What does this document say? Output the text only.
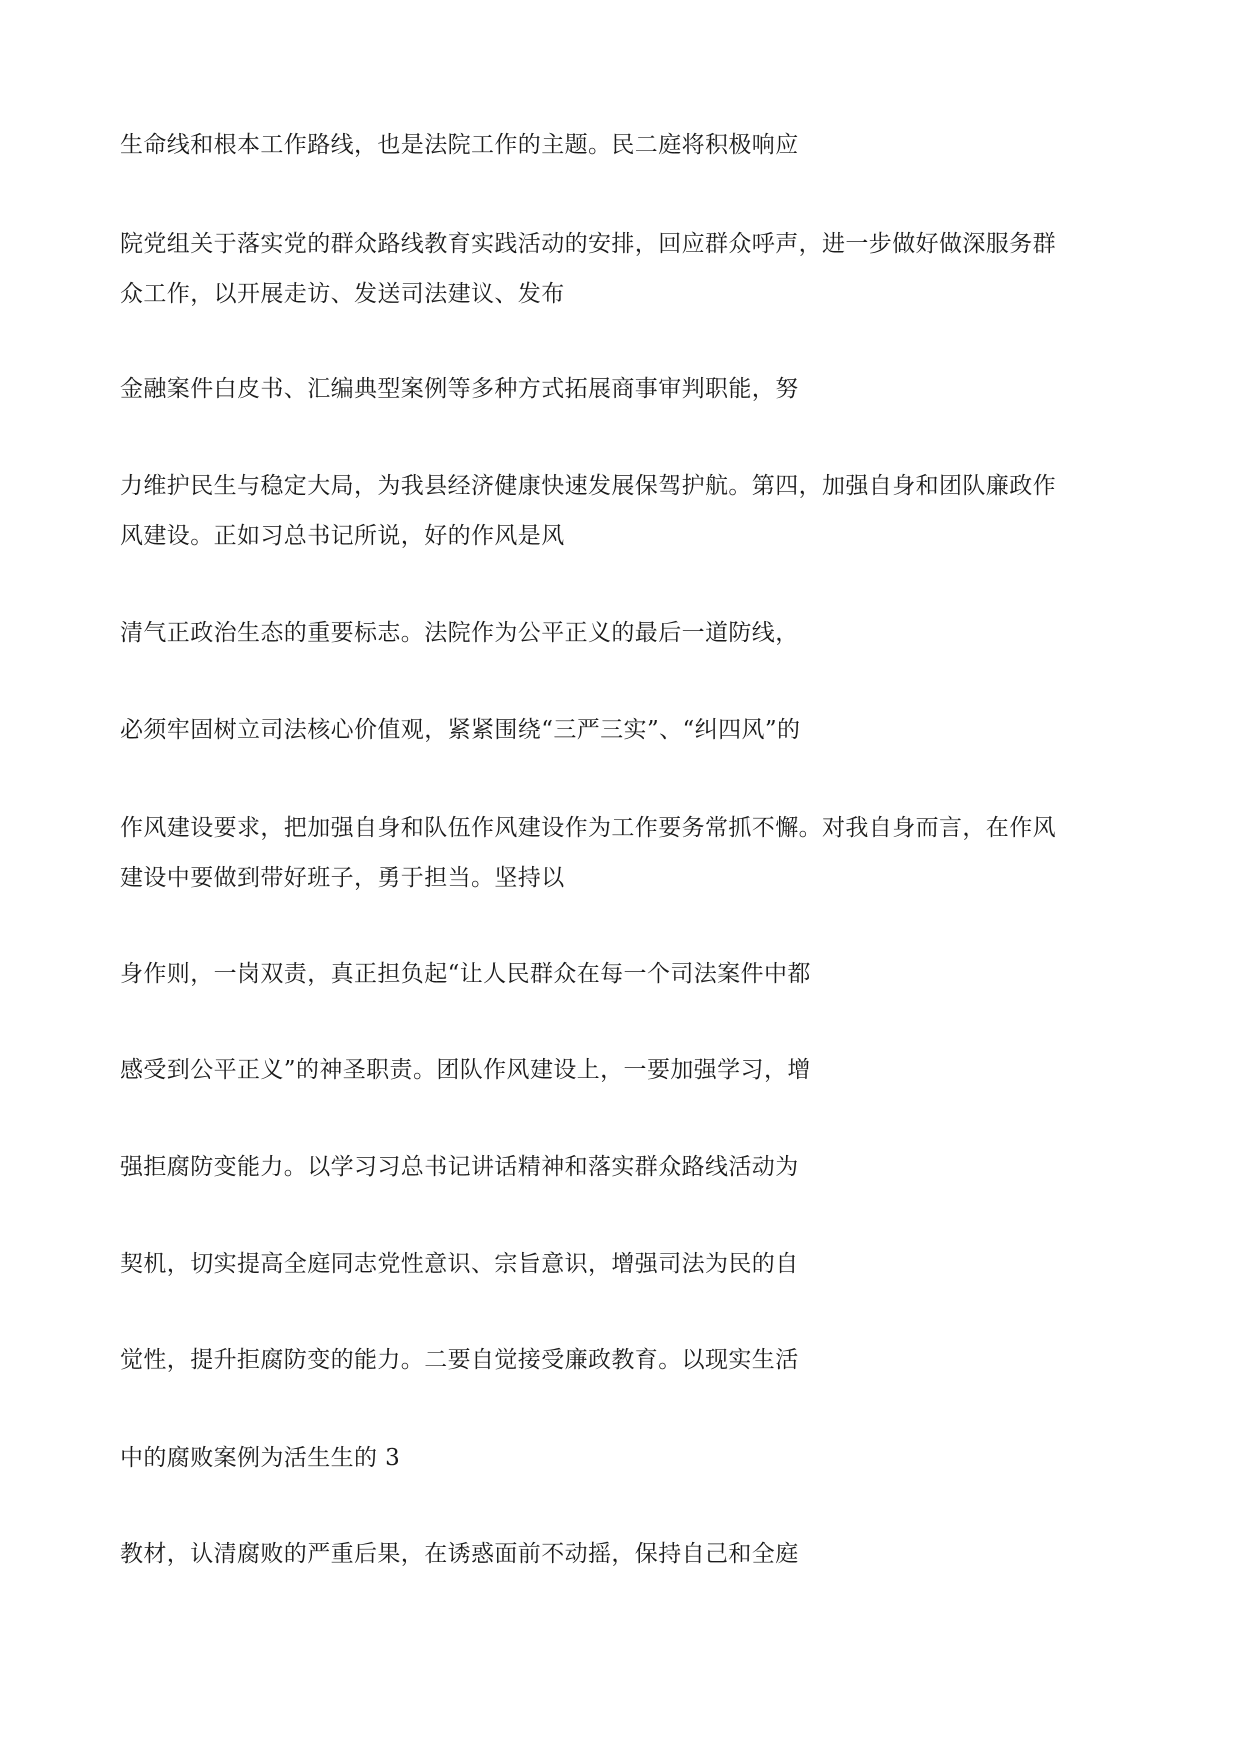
生命线和根本工作路线，也是法院工作的主题。民二庭将积极响应

院党组关于落实党的群众路线教育实践活动的安排，回应群众呼声，进一步做好做深服务群

众工作，以开展走访、发送司法建议、发布

金融案件白皮书、汇编典型案例等多种方式拓展商事审判职能，努

力维护民生与稳定大局，为我县经济健康快速发展保驾护航。第四，加强自身和团队廉政作

风建设。正如习总书记所说，好的作风是风

清气正政治生态的重要标志。法院作为公平正义的最后一道防线，

必须牢固树立司法核心价值观，紧紧围绕“三严三实”、“纠四风”的

作风建设要求，把加强自身和队伍作风建设作为工作要务常抓不懈。对我自身而言，在作风

建设中要做到带好班子，勇于担当。坚持以

身作则，一岗双责，真正担负起“让人民群众在每一个司法案件中都

感受到公平正义”的神圣职责。团队作风建设上，一要加强学习，增

强拒腐防变能力。以学习习总书记讲话精神和落实群众路线活动为

契机，切实提高全庭同志党性意识、宗旨意识，增强司法为民的自

觉性，提升拒腐防变的能力。二要自觉接受廉政教育。以现实生活

中的腐败案例为活生生的 3

教材，认清腐败的严重后果，在诱惑面前不动摇，保持自己和全庭
